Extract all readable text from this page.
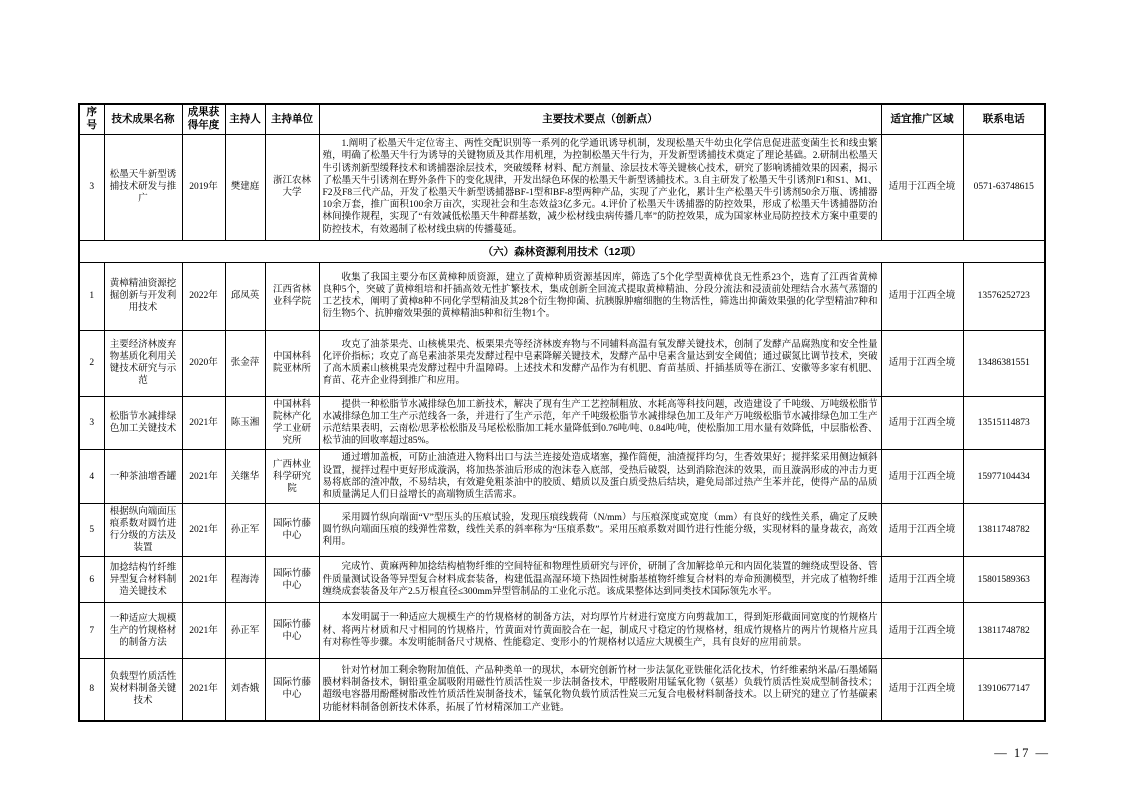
序号	技术成果名称	成果获得年度	主持人	主持单位	主要技术要点（创新点）	适宜推广区域	联系电话
3	松墨天牛新型诱捕技术研发与推广	2019年	樊建庭	浙江农林大学	1.阐明了松墨天牛定位寄主、两性交配识别等一系列的化学通讯诱导机制，发现松墨天牛幼虫化学信息促进蓝变菌生长和线虫繁殖，明确了松墨天牛行为诱导的关键物质及其作用机理，为控制松墨天牛行为，开发新型诱捕技术奠定了理论基础。2.研制出松墨天牛引诱剂新型缓释技术和诱捕器涂层技术，突破缓释 材料、配方剂量、涂层技术等关键核心技术，研究了影响诱捕效果的因素，揭示了松墨天牛引诱剂在野外条件下的变化规律，开发出绿色环保的松墨天牛新型诱捕技术。3.自主研发了松墨天牛引诱剂F1和S1、M1、F2及F8三代产品，开发了松墨天牛新型诱捕器BF-1型和BF-8型两种产品，实现了产业化，累计生产松墨天牛引诱剂50余万瓶、诱捕器10余万套，推广面积100余万亩次，实现社会和生态效益3亿多元。4.评价了松墨天牛诱捕器的防控效果，形成了松墨天牛诱捕器防治林间操作规程，实现了“有效减低松墨天牛种群基数，减少松材线虫病传播几率”的防控效果，成为国家林业局防控技术方案中重要的防控技术，有效遏制了松材线虫病的传播蔓延。	适用于江西全境	0571-63748615
（六）森林资源利用技术（12项）							
1	黄樟精油资源挖掘创新与开发利用技术	2022年	邱凤英	江西省林业科学院	收集了我国主要分布区黄樟种质资源，建立了黄樟种质资源基因库，筛选了5个化学型黄樟优良无性系23个，选育了江西省黄樟良种5个，突破了黄樟组培和扦插高效无性扩繁技术，集成创新全回流式提取黄樟精油、分段分流法和浸渍前处理结合水蒸气蒸馏的工艺技术，阐明了黄樟8种不同化学型精油及其28个衍生物抑菌、抗胰腺肿瘤细胞的生物活性，筛选出抑菌效果强的化学型精油7种和衍生物5个、抗肿瘤效果强的黄樟精油5种和衍生物1个。	适用于江西全境	13576252723
2	主要经济林废弃物基质化利用关键技术研究与示范	2020年	张金萍	中国林科院亚林所	攻克了油茶果壳、山核桃果壳、板栗果壳等经济林废弃物与不同辅料高温有氧发酵关键技术，创制了发酵产品腐熟度和安全性量化评价指标；攻克了高皂素油茶果壳发酵过程中皂素降解关键技术，发酵产品中皂素含量达到安全阈值；通过碳氮比调节技术，突破了高木质素山核桃果壳发酵过程中升温障碍。上述技术和发酵产品作为有机肥、育苗基质、扦插基质等在浙江、安徽等多家有机肥、育苗、花卉企业得到推广和应用。	适用于江西全境	13486381551
3	松脂节水减排绿色加工关键技术	2021年	陈玉湘	中国林科院林产化学工业研究所	提供一种松脂节水减排绿色加工新技术，解决了现有生产工艺控制粗放、水耗高等科技问题，改造建设了千吨级、万吨级松脂节水减排绿色加工生产示范线各一条，并进行了生产示范，年产千吨级松脂节水减排绿色加工及年产万吨级松脂节水减排绿色加工生产示范结果表明，云南松/思茅松松脂及马尾松松脂加工耗水量降低到0.76吨/吨、0.84吨/吨，使松脂加工用水量有效降低，中层脂松香、松节油的回收率超过85%。	适用于江西全境	13515114873
4	一种茶油增香罐	2021年	关继华	广西林业科学研究院	通过增加盖板，可防止油渣进入物料出口与法兰连接处造成堵塞，操作简便，油渣搅拌均匀，生香效果好；搅拌桨采用侧边倾斜设置，搅拌过程中更好形成漩涡，将加热茶油后形成的泡沫卷入底部，受热后破裂，达到消除泡沫的效果，而且漩涡形成的冲击力更易将底部的渣冲散，不易结块，有效避免粗茶油中的胶质、蜡质以及蛋白质受热后结块，避免局部过热产生苯并芘，使得产品的品质和质量满足人们日益增长的高端物质生活需求。	适用于江西全境	15977104434
5	根据纵向端面压痕系数对圆竹进行分级的方法及装置	2021年	孙正军	国际竹藤中心	采用圆竹纵向端面“V”型压头的压痕试验，发现压痕线载荷（N/mm）与压痕深度或宽度（mm）有良好的线性关系，确定了反映圆竹纵向端面压痕的线弹性常数，线性关系的斜率称为“压痕系数”。采用压痕系数对圆竹进行性能分级，实现材料的量身裁衣，高效利用。	适用于江西全境	13811748782
6	加捻结构竹纤维异型复合材料制造关键技术	2021年	程海涛	国际竹藤中心	完成竹、黄麻两种加捻结构植物纤维的空间特征和物理性质研究与评价，研制了含加解捻单元和内固化装置的缠绕成型设备、管件质量测试设备等异型复合材料成套装备，构建低温高湿环境下热固性树脂基植物纤维复合材料的寿命预测模型，并完成了植物纤维缠绕成套装备及年产2.5万根直径≤300mm异型管制品的工业化示范。该成果整体达到同类技术国际领先水平。	适用于江西全境	15801589363
7	一种适应大规模生产的竹规格材的制备方法	2021年	孙正军	国际竹藤中心	本发明属于一种适应大规模生产的竹规格材的制备方法，对均厚竹片材进行宽度方向剪裁加工，得到矩形截面同宽度的竹规格片材、将两片材质和尺寸相同的竹规格片，竹黄面对竹黄面胶合在一起，制成尺寸稳定的竹规格材，组成竹规格片的两片竹规格片应具有对称性等步骤。本发明能制备尺寸规格、性能稳定、变形小的竹规格材以适应大规模生产，具有良好的应用前景。	适用于江西全境	13811748782
8	负载型竹质活性炭材料制备关键技术	2021年	刘杏娥	国际竹藤中心	针对竹材加工剩余物附加值低、产品种类单一的现状，本研究创新竹材一步法氯化亚铁催化活化技术，竹纤维素纳米晶/石墨烯隔膜材料制备技术，铜铅重金属吸附用磁性竹质活性炭一步法制备技术，甲醛吸附用锰氧化物（氨基）负载竹质活性炭成型制备技术；超级电容器用酚醛树脂改性竹质活性炭制备技术，锰氧化物负载竹质活性炭三元复合电极材料制备技术。以上研究的建立了竹基碳素功能材料制备创新技术体系，拓展了竹材精深加工产业链。	适用于江西全境	13910677147
— 17 —
